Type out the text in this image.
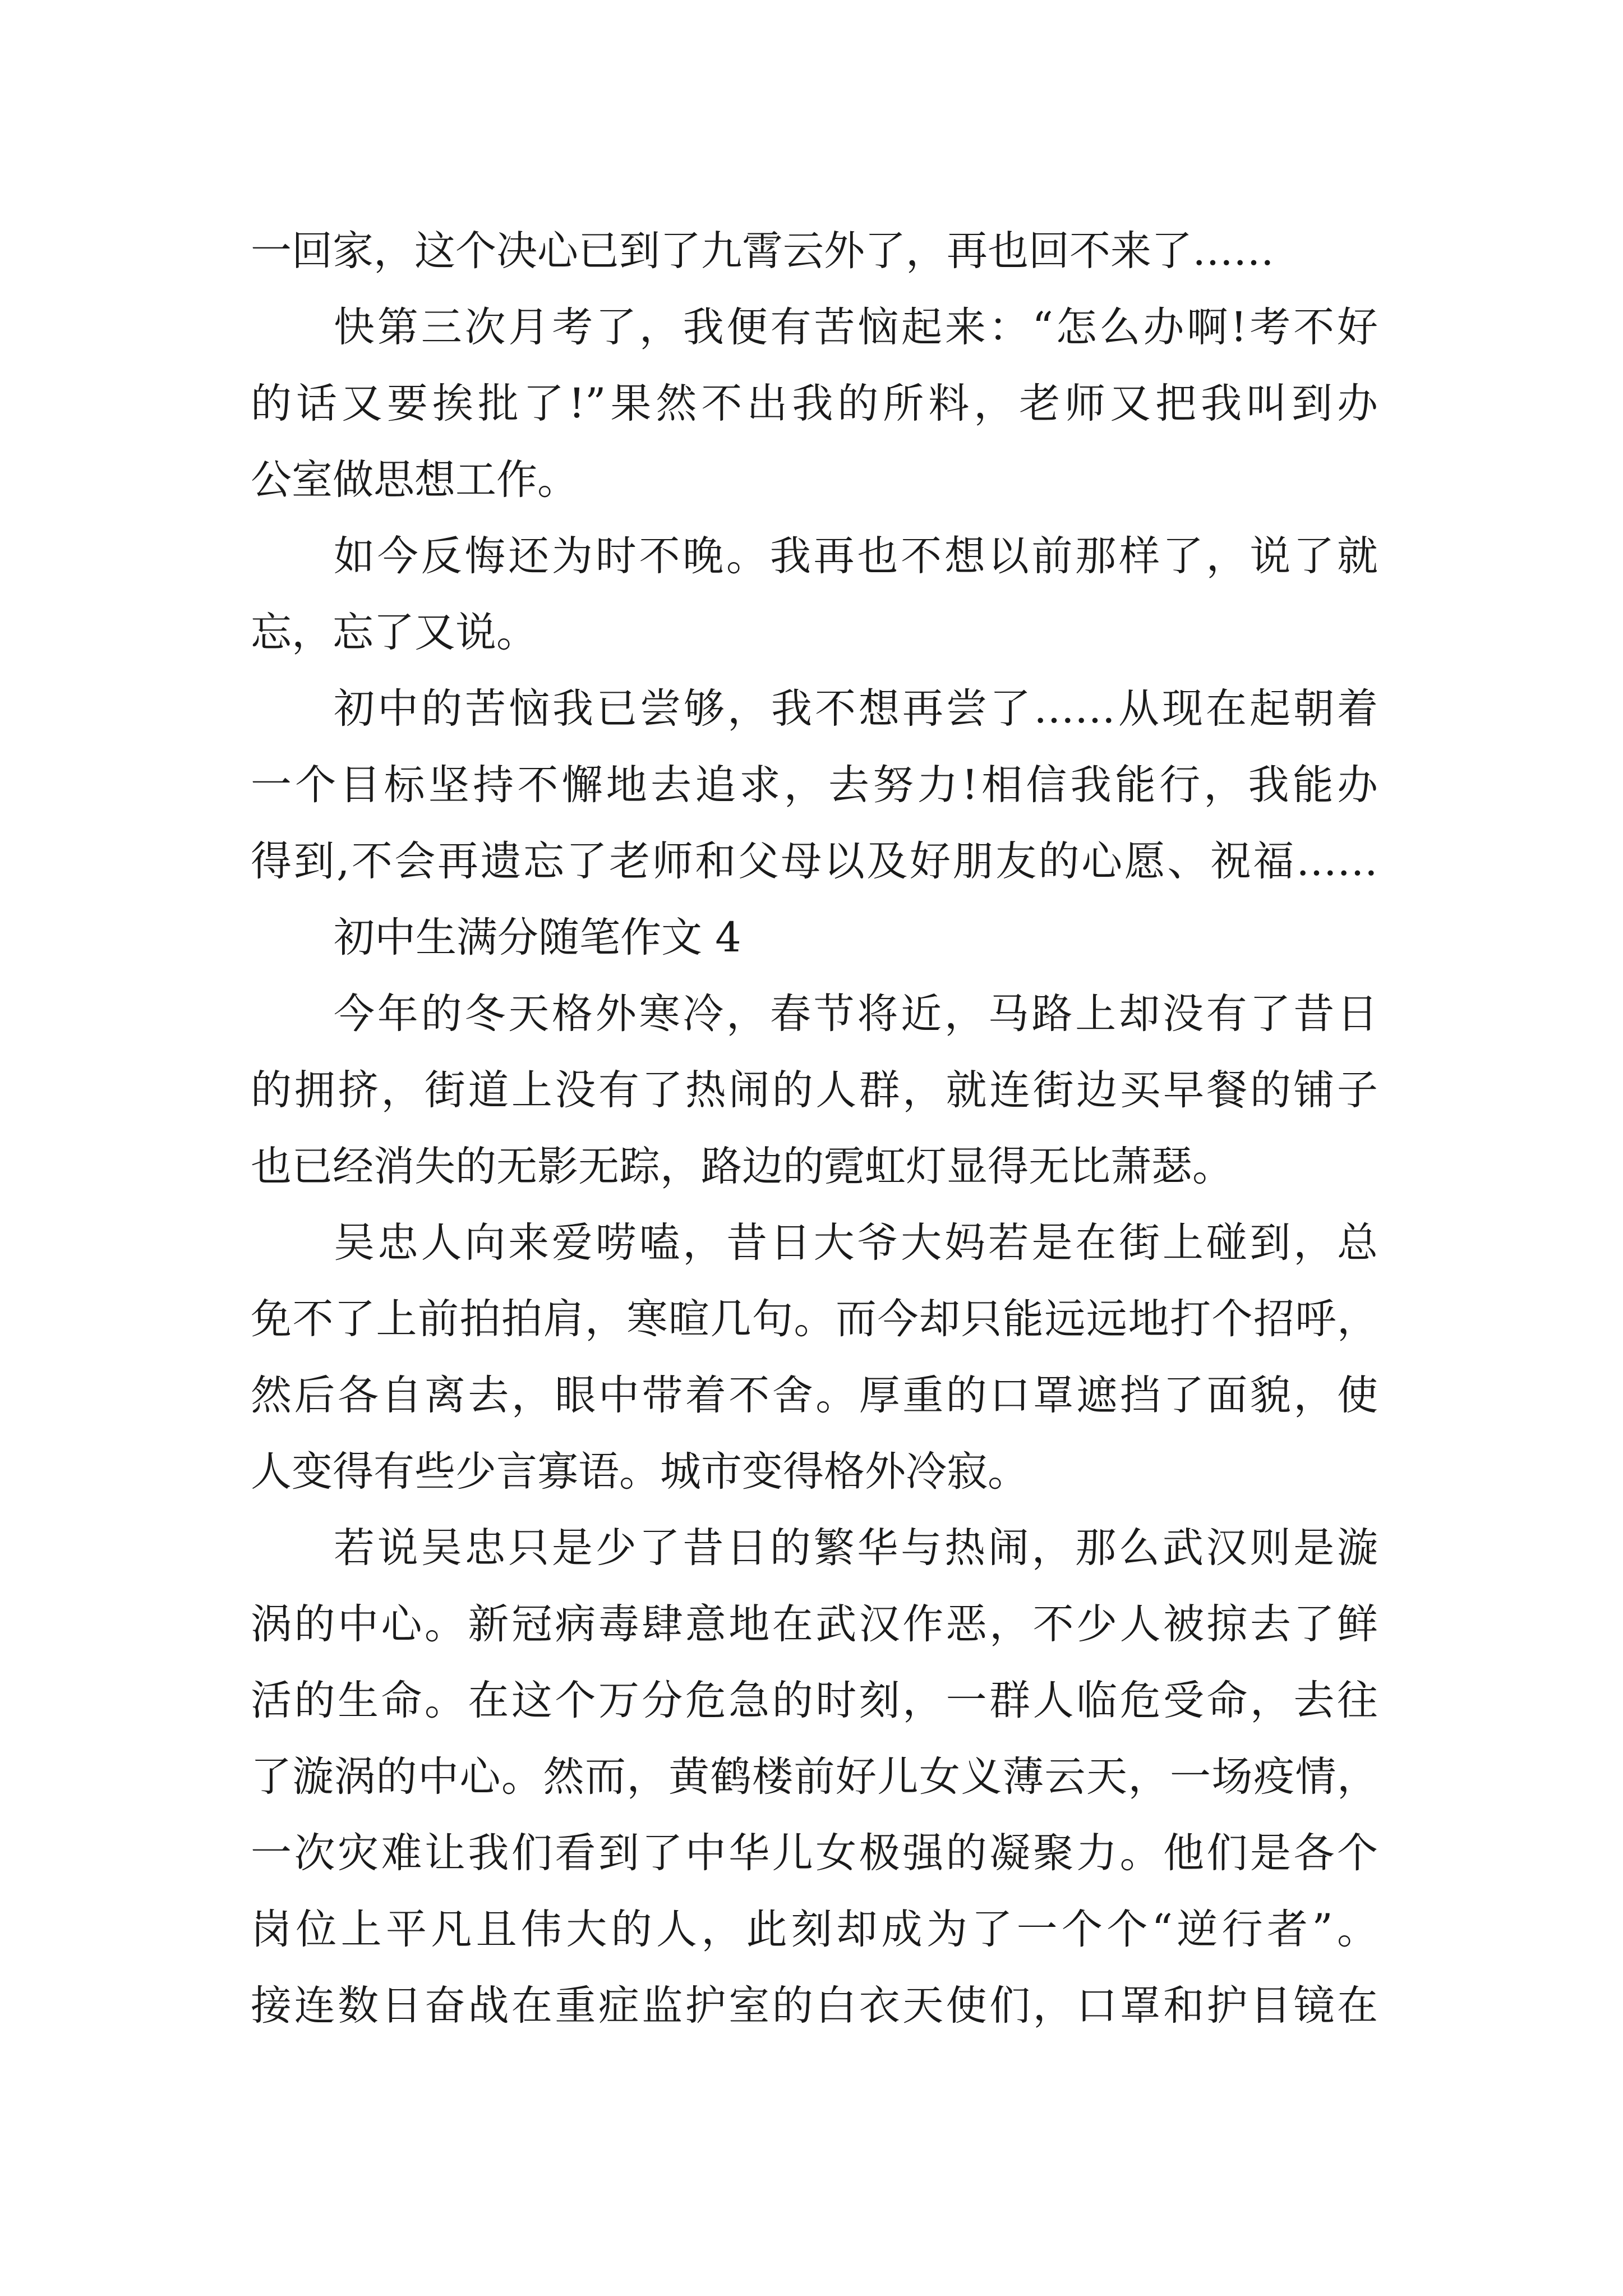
一回家，这个决心已到了九霄云外了，再也回不来了……
快第三次月考了，我便有苦恼起来：“怎么办啊!考不好
的话又要挨批了!”果然不出我的所料，老师又把我叫到办
公室做思想工作。
如今反悔还为时不晚。我再也不想以前那样了，说了就
忘，忘了又说。
初中的苦恼我已尝够，我不想再尝了……从现在起朝着
一个目标坚持不懈地去追求，去努力!相信我能行，我能办
得到,不会再遗忘了老师和父母以及好朋友的心愿、祝福……
初中生满分随笔作文 4
今年的冬天格外寒冷，春节将近，马路上却没有了昔日
的拥挤，街道上没有了热闹的人群，就连街边买早餐的铺子
也已经消失的无影无踪，路边的霓虹灯显得无比萧瑟。
吴忠人向来爱唠嗑，昔日大爷大妈若是在街上碰到，总
免不了上前拍拍肩，寒暄几句。而今却只能远远地打个招呼，
然后各自离去，眼中带着不舍。厚重的口罩遮挡了面貌，使
人变得有些少言寡语。城市变得格外冷寂。
若说吴忠只是少了昔日的繁华与热闹，那么武汉则是漩
涡的中心。新冠病毒肆意地在武汉作恶，不少人被掠去了鲜
活的生命。在这个万分危急的时刻，一群人临危受命，去往
了漩涡的中心。然而，黄鹤楼前好儿女义薄云天，一场疫情，
一次灾难让我们看到了中华儿女极强的凝聚力。他们是各个
岗位上平凡且伟大的人，此刻却成为了一个个“逆行者”。
接连数日奋战在重症监护室的白衣天使们，口罩和护目镜在
